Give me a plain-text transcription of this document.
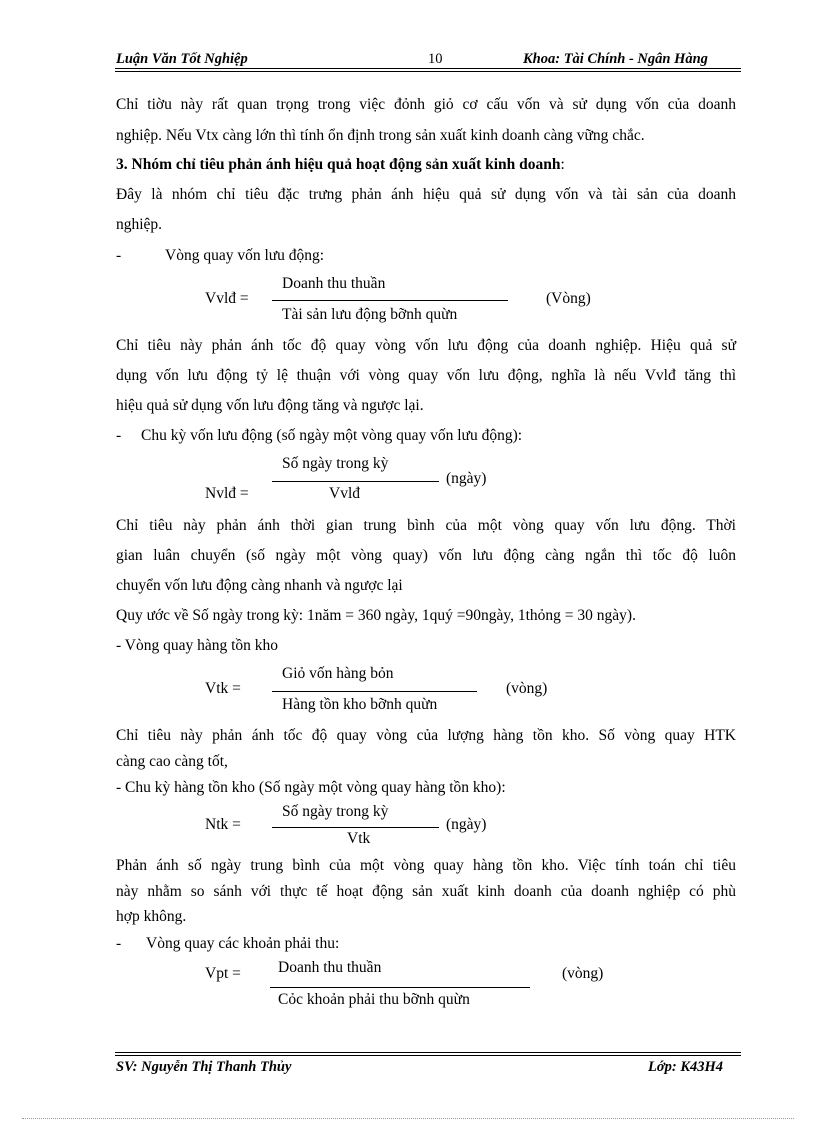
Luận Văn Tốt Nghiệp	10	Khoa: Tài Chính - Ngân Hàng
Chỉ tiờu này rất quan trọng trong việc đỏnh giỏ cơ cấu vốn và sử dụng vốn của doanh
nghiệp. Nếu Vtx càng lớn thì tính ổn định trong sản xuất kinh doanh càng vững chắc.
3. Nhóm chỉ tiêu phản ánh hiệu quả hoạt động sản xuất kinh doanh:
Đây là nhóm chỉ tiêu đặc trưng phản ánh hiệu quả sử dụng vốn và tài sản của doanh
nghiệp.
-	Vòng quay vốn lưu động:
Vvlđ =
Doanh thu thuần
Tài sản lưu động bỡnh quừn
(Vòng)
Chỉ tiêu này phản ánh tốc độ quay vòng vốn lưu động của doanh nghiệp. Hiệu quả sử
dụng vốn lưu động tỷ lệ thuận với vòng quay vốn lưu động, nghĩa là nếu Vvlđ tăng thì
hiệu quả sử dụng vốn lưu động tăng và ngược lại.
-	Chu kỳ vốn lưu động (số ngày một vòng quay vốn lưu động):
Nvlđ =
Số ngày trong kỳ
Vvlđ
(ngày)
Chỉ tiêu này phản ánh thời gian trung bình của một vòng quay vốn lưu động. Thời
gian luân chuyển (số ngày một vòng quay) vốn lưu động càng ngắn thì tốc độ luôn
chuyển vốn lưu động càng nhanh và ngược lại
Quy ước về Số ngày trong kỳ: 1năm = 360 ngày, 1quý =90ngày, 1thỏng = 30 ngày).
- Vòng quay hàng tồn kho
Vtk =
Giỏ vốn hàng bỏn
Hàng tồn kho bỡnh quừn
(vòng)
Chỉ tiêu này phản ánh tốc độ quay vòng của lượng hàng tồn kho. Số vòng quay HTK
càng cao càng tốt,
- Chu kỳ hàng tồn kho (Số ngày một vòng quay hàng tồn kho):
Ntk =
Số ngày trong kỳ
Vtk
(ngày)
Phản ánh số ngày trung bình của một vòng quay hàng tồn kho. Việc tính toán chỉ tiêu
này nhằm so sánh với thực tế hoạt động sản xuất kinh doanh của doanh nghiệp có phù
hợp không.
-	Vòng quay các khoản phải thu:
Vpt = Doanh thu thuần
Cỏc khoản phải thu bỡnh quừn
(vòng)
SV: Nguyễn Thị Thanh Thủy	Lớp: K43H4
